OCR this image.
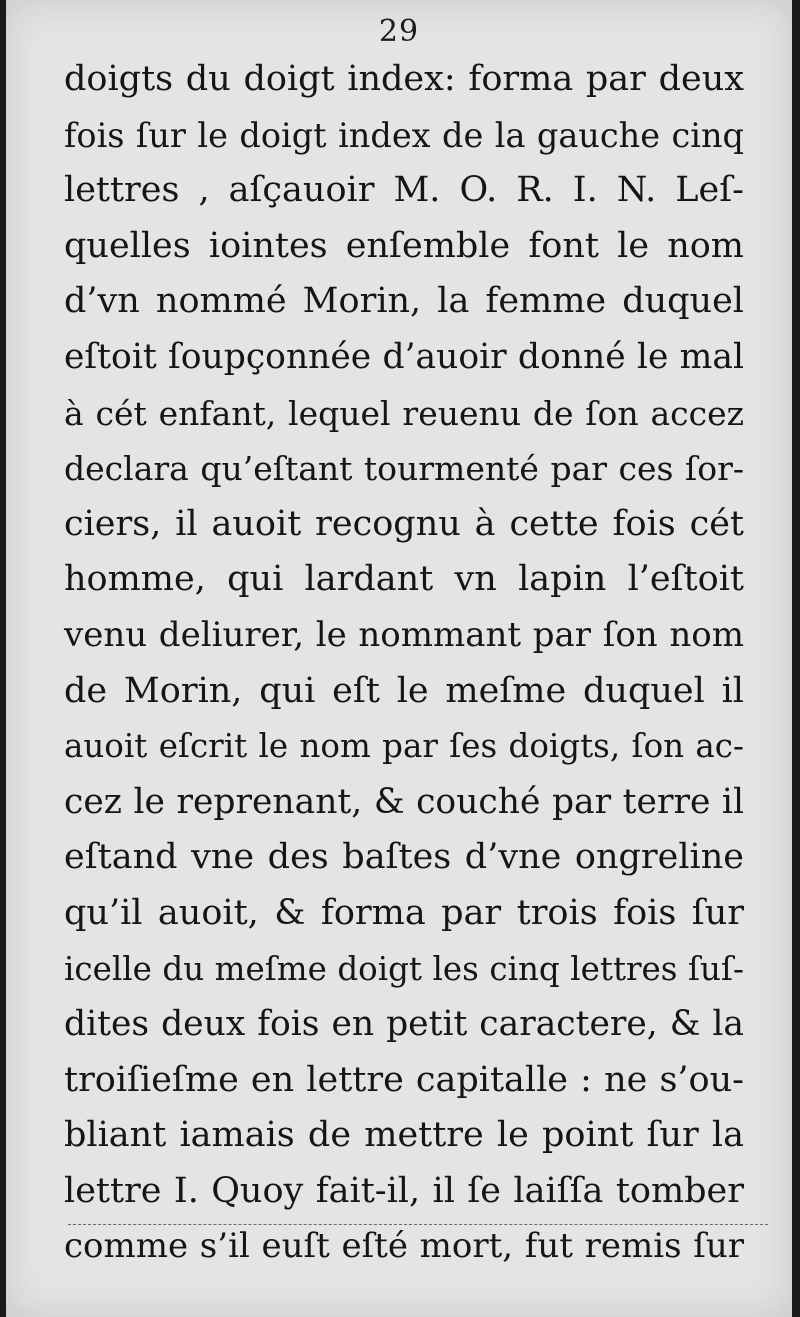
29
doigts du doigt index: forma par deux
fois ſur le doigt index de la gauche cinq
lettres , aſçauoir M. O. R. I. N. Leſ-
quelles iointes enſemble font le nom
d’vn nommé Morin, la femme duquel
eſtoit ſoupçonnée d’auoir donné le mal
à cét enfant, lequel reuenu de ſon accez
declara qu’eſtant tourmenté par ces ſor-
ciers, il auoit recognu à cette fois cét
homme, qui lardant vn lapin l’eſtoit
venu deliurer, le nommant par ſon nom
de Morin, qui eſt le meſme duquel il
auoit eſcrit le nom par ſes doigts, ſon ac-
cez le reprenant, & couché par terre il
eſtand vne des baſtes d’vne ongreline
qu’il auoit, & forma par trois fois ſur
icelle du meſme doigt les cinq lettres ſuſ-
dites deux fois en petit caractere, & la
troiſieſme en lettre capitalle : ne s’ou-
bliant iamais de mettre le point ſur la
lettre I. Quoy fait-il, il ſe laiſſa tomber
comme s’il euſt eſté mort, fut remis ſur
